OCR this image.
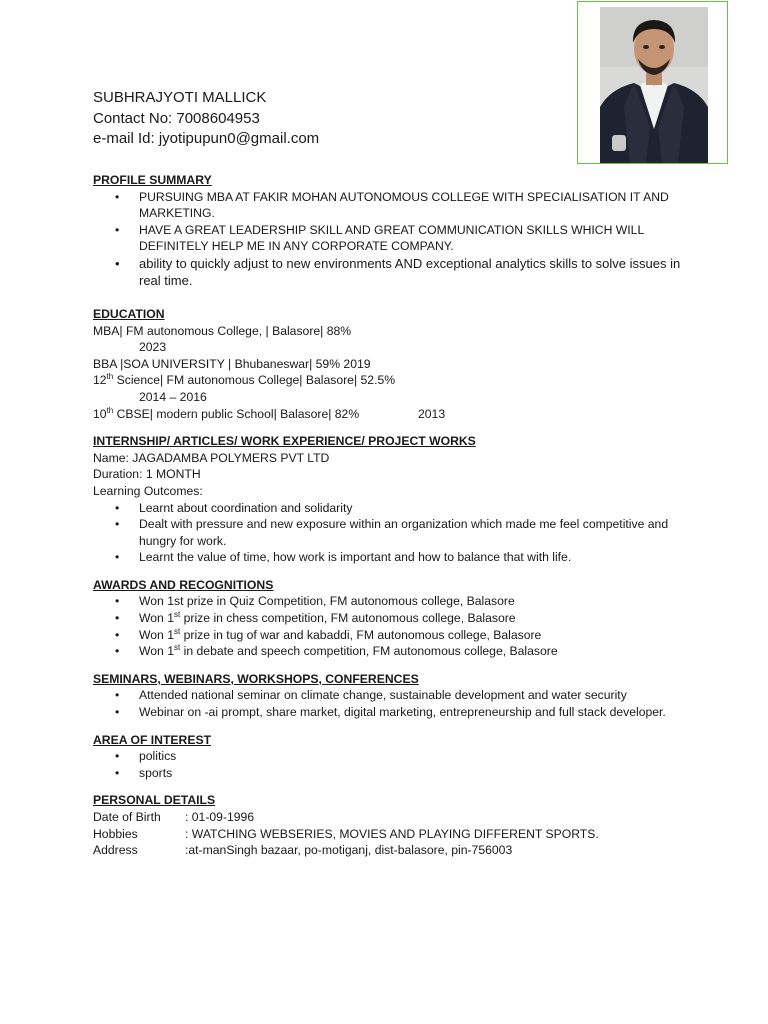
SUBHRAJYOTI MALLICK
Contact No: 7008604953
e-mail Id: jyotipupun0@gmail.com
PROFILE SUMMARY
• PURSUING MBA AT FAKIR MOHAN AUTONOMOUS COLLEGE WITH SPECIALISATION IT AND MARKETING.
• HAVE A GREAT LEADERSHIP SKILL AND GREAT COMMUNICATION SKILLS WHICH WILL DEFINITELY HELP ME IN ANY CORPORATE COMPANY.
• ability to quickly adjust to new environments AND exceptional analytics skills to solve issues in real time.
EDUCATION
MBA| FM autonomous College, | Balasore| 88%
2023
BBA |SOA UNIVERSITY | Bhubaneswar| 59% 2019
12th Science| FM autonomous College| Balasore| 52.5%
2014 – 2016
10th CBSE| modern public School| Balasore| 82%	2013
INTERNSHIP/ ARTICLES/ WORK EXPERIENCE/ PROJECT WORKS
Name: JAGADAMBA POLYMERS PVT LTD
Duration: 1 MONTH
Learning Outcomes:
• Learnt about coordination and solidarity
• Dealt with pressure and new exposure within an organization which made me feel competitive and hungry for work.
• Learnt the value of time, how work is important and how to balance that with life.
AWARDS AND RECOGNITIONS
• Won 1st prize in Quiz Competition, FM autonomous college, Balasore
• Won 1st prize in chess competition, FM autonomous college, Balasore
• Won 1st prize in tug of war and kabaddi, FM autonomous college, Balasore
• Won 1st in debate and speech competition, FM autonomous college, Balasore
SEMINARS, WEBINARS, WORKSHOPS, CONFERENCES
• Attended national seminar on climate change, sustainable development and water security
• Webinar on -ai prompt, share market, digital marketing, entrepreneurship and full stack developer.
AREA OF INTEREST
• politics
• sports
PERSONAL DETAILS
Date of Birth : 01-09-1996
Hobbies	: WATCHING WEBSERIES, MOVIES AND PLAYING DIFFERENT SPORTS.
Address	:at-manSingh bazaar, po-motiganj, dist-balasore, pin-756003
